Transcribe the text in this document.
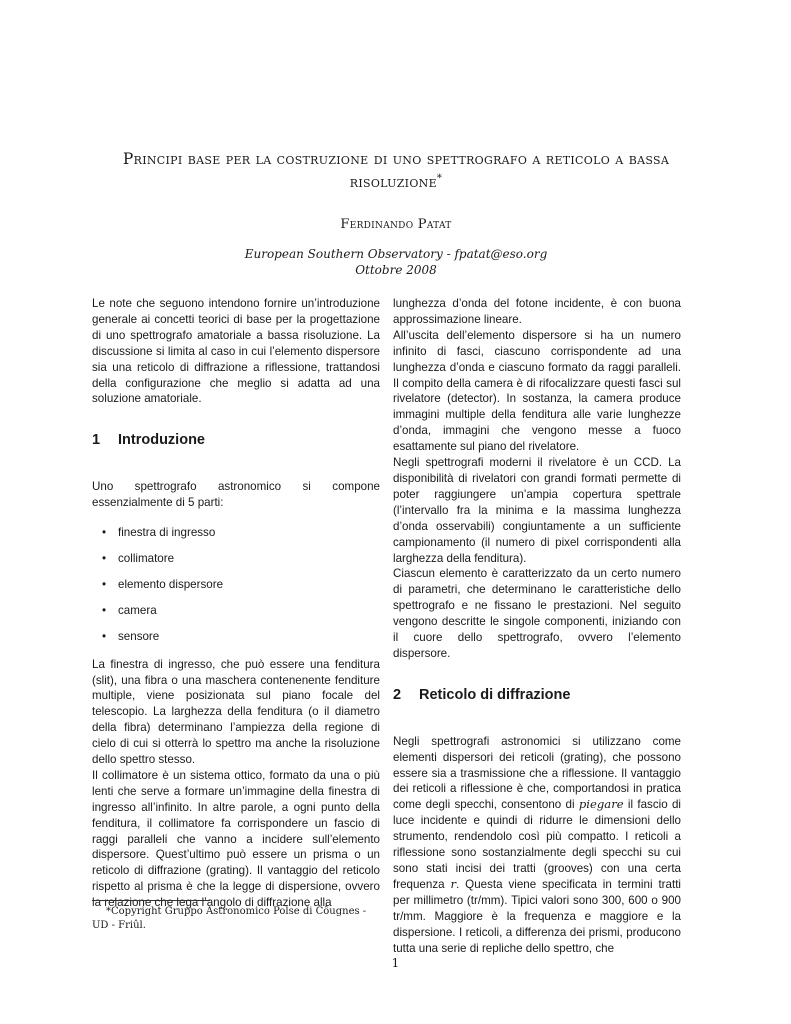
Principi base per la costruzione di uno spettrografo a reticolo a bassa risoluzione*
Ferdinando Patat
European Southern Observatory - fpatat@eso.org
Ottobre 2008

Le note che seguono intendono fornire un’introduzione generale ai concetti teorici di base per la progettazione di uno spettrografo amatoriale a bassa risoluzione. La discussione si limita al caso in cui l’elemento dispersore sia una reticolo di diffrazione a riflessione, trattandosi della configurazione che meglio si adatta ad una soluzione amatoriale.

1 Introduzione

Uno spettrografo astronomico si compone essenzialmente di 5 parti:

• finestra di ingresso
• collimatore
• elemento dispersore
• camera
• sensore

La finestra di ingresso, che può essere una fenditura (slit), una fibra o una maschera contenenente fenditure multiple, viene posizionata sul piano focale del telescopio. La larghezza della fenditura (o il diametro della fibra) determinano l’ampiezza della regione di cielo di cui si otterrà lo spettro ma anche la risoluzione dello spettro stesso.

Il collimatore è un sistema ottico, formato da una o più lenti che serve a formare un’immagine della finestra di ingresso all’infinito. In altre parole, a ogni punto della fenditura, il collimatore fa corrispondere un fascio di raggi paralleli che vanno a incidere sull’elemento dispersore. Quest’ultimo può essere un prisma o un reticolo di diffrazione (grating). Il vantaggio del reticolo rispetto al prisma è che la legge di dispersione, ovvero la relazione che lega l’angolo di diffrazione alla

lunghezza d’onda del fotone incidente, è con buona approssimazione lineare.

All’uscita dell’elemento dispersore si ha un numero infinito di fasci, ciascuno corrispondente ad una lunghezza d’onda e ciascuno formato da raggi paralleli. Il compito della camera è di rifocalizzare questi fasci sul rivelatore (detector). In sostanza, la camera produce immagini multiple della fenditura alle varie lunghezze d’onda, immagini che vengono messe a fuoco esattamente sul piano del rivelatore.

Negli spettrografi moderni il rivelatore è un CCD. La disponibilità di rivelatori con grandi formati permette di poter raggiungere un’ampia copertura spettrale (l’intervallo fra la minima e la massima lunghezza d’onda osservabili) congiuntamente a un sufficiente campionamento (il numero di pixel corrispondenti alla larghezza della fenditura).

Ciascun elemento è caratterizzato da un certo numero di parametri, che determinano le caratteristiche dello spettrografo e ne fissano le prestazioni. Nel seguito vengono descritte le singole componenti, iniziando con il cuore dello spettrografo, ovvero l’elemento dispersore.

2 Reticolo di diffrazione

Negli spettrografi astronomici si utilizzano come elementi dispersori dei reticoli (grating), che possono essere sia a trasmissione che a riflessione. Il vantaggio dei reticoli a riflessione è che, comportandosi in pratica come degli specchi, consentono di piegare il fascio di luce incidente e quindi di ridurre le dimensioni dello strumento, rendendolo così più compatto. I reticoli a riflessione sono sostanzialmente degli specchi su cui sono stati incisi dei tratti (grooves) con una certa frequenza r. Questa viene specificata in termini tratti per millimetro (tr/mm). Tipici valori sono 300, 600 o 900 tr/mm. Maggiore è la frequenza e maggiore e la dispersione. I reticoli, a differenza dei prismi, producono tutta una serie di repliche dello spettro, che

*Copyright Gruppo Astronomico Polse di Côugnes - UD - Friûl.
1
